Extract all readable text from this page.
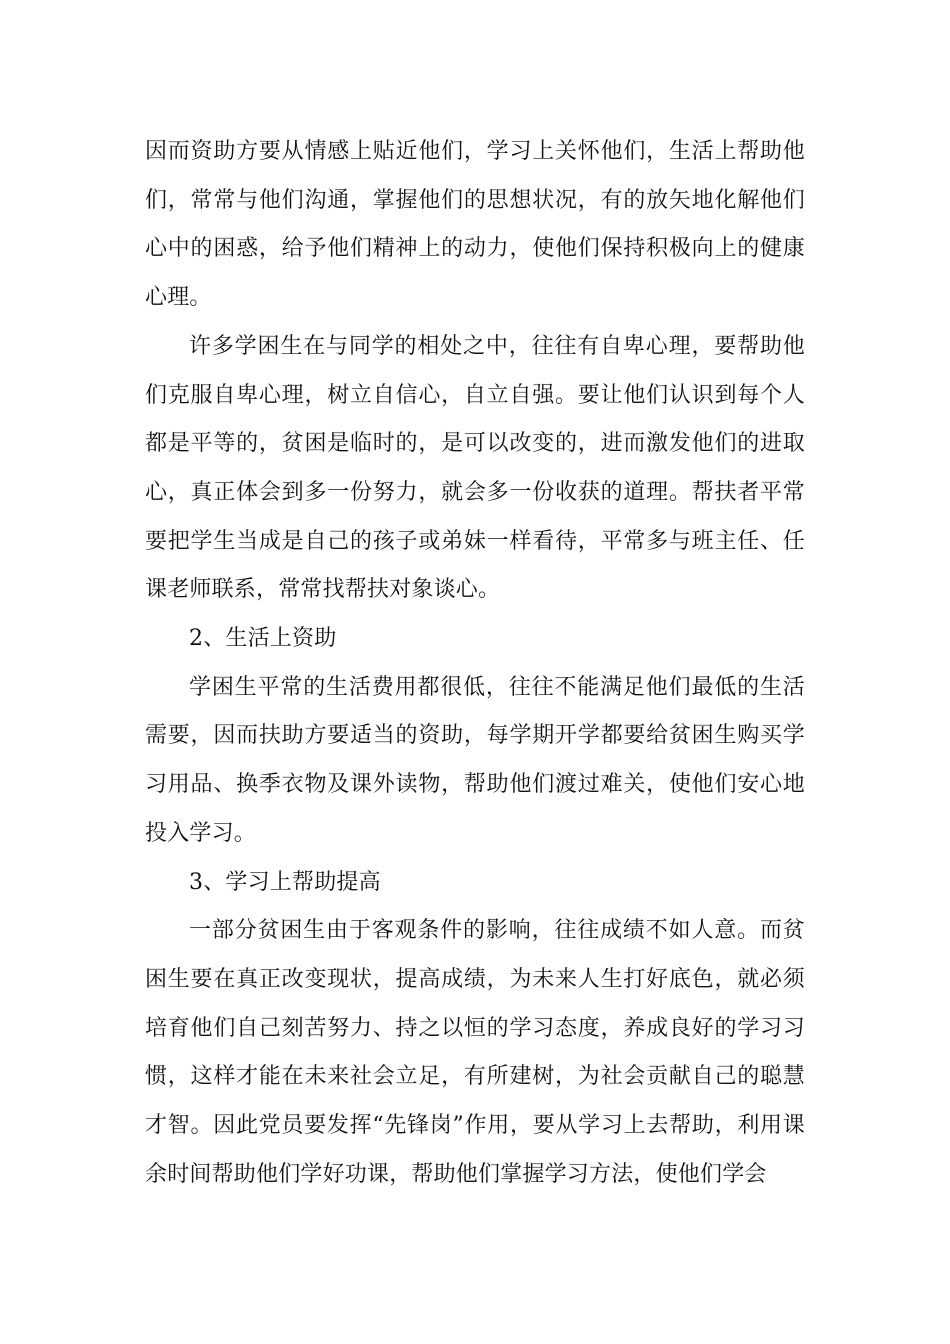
因而资助方要从情感上贴近他们，学习上关怀他们，生活上帮助他们，常常与他们沟通，掌握他们的思想状况，有的放矢地化解他们心中的困惑，给予他们精神上的动力，使他们保持积极向上的健康心理。

许多学困生在与同学的相处之中，往往有自卑心理，要帮助他们克服自卑心理，树立自信心，自立自强。要让他们认识到每个人都是平等的，贫困是临时的，是可以改变的，进而激发他们的进取心，真正体会到多一份努力，就会多一份收获的道理。帮扶者平常要把学生当成是自己的孩子或弟妹一样看待，平常多与班主任、任课老师联系，常常找帮扶对象谈心。

2、生活上资助

学困生平常的生活费用都很低，往往不能满足他们最低的生活需要，因而扶助方要适当的资助，每学期开学都要给贫困生购买学习用品、换季衣物及课外读物，帮助他们渡过难关，使他们安心地投入学习。

3、学习上帮助提高

一部分贫困生由于客观条件的影响，往往成绩不如人意。而贫困生要在真正改变现状，提高成绩，为未来人生打好底色，就必须培育他们自己刻苦努力、持之以恒的学习态度，养成良好的学习习惯，这样才能在未来社会立足，有所建树，为社会贡献自己的聪慧才智。因此党员要发挥“先锋岗”作用，要从学习上去帮助，利用课余时间帮助他们学好功课，帮助他们掌握学习方法，使他们学会
